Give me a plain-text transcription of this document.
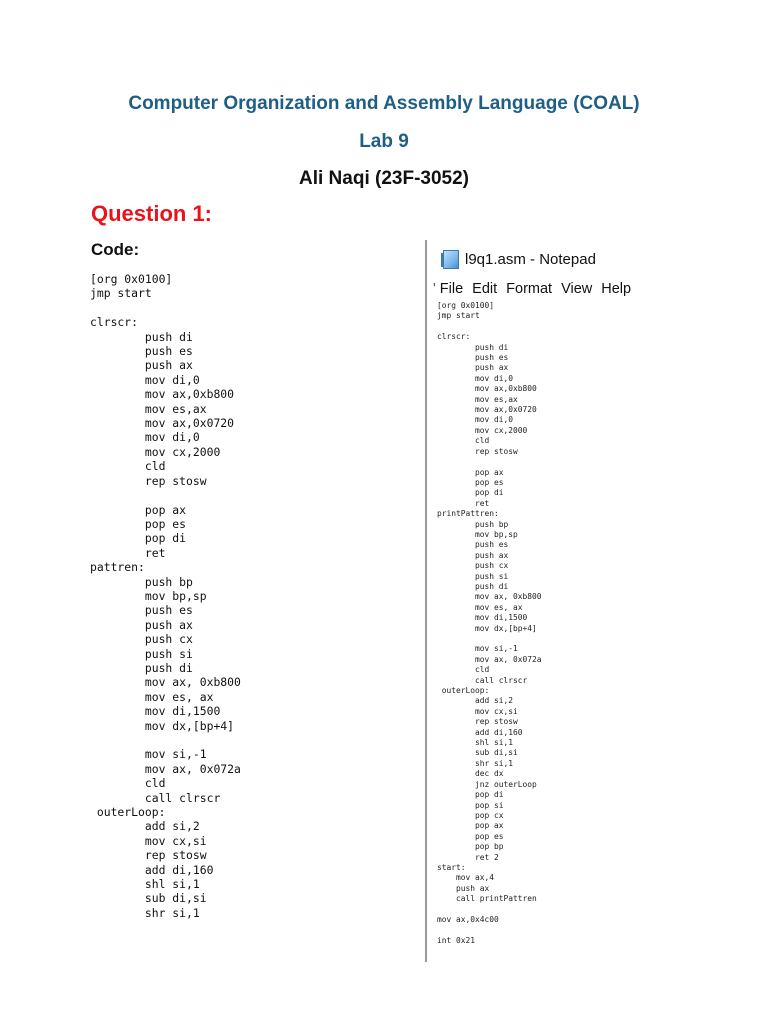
Computer Organization and Assembly Language (COAL)
Lab 9
Ali Naqi (23F-3052)
Question 1:
Code:
[org 0x0100]
jmp start

clrscr:
push di
push es
push ax
mov di,0
mov ax,0xb800
mov es,ax
mov ax,0x0720
mov di,0
mov cx,2000
cld
rep stosw

pop ax
pop es
pop di
ret
pattren:
push bp
mov bp,sp
push es
push ax
push cx
push si
push di
mov ax, 0xb800
mov es, ax
mov di,1500
mov dx,[bp+4]

mov si,-1
mov ax, 0x072a
cld
call clrscr
outerLoop:
add si,2
mov cx,si
rep stosw
add di,160
shl si,1
sub di,si
shr si,1
l9q1.asm - Notepad
' File Edit Format View Help
[org 0x0100]
jmp start

clrscr:
push di
push es
push ax
mov di,0
mov ax,0xb800
mov es,ax
mov ax,0x0720
mov di,0
mov cx,2000
cld
rep stosw

pop ax
pop es
pop di
ret
printPattren:
push bp
mov bp,sp
push es
push ax
push cx
push si
push di
mov ax, 0xb800
mov es, ax
mov di,1500
mov dx,[bp+4]

mov si,-1
mov ax, 0x072a
cld
call clrscr
outerLoop:
add si,2
mov cx,si
rep stosw
add di,160
shl si,1
sub di,si
shr si,1
dec dx
jnz outerLoop
pop di
pop si
pop cx
pop ax
pop es
pop bp
ret 2
start:
mov ax,4
push ax
call printPattren

mov ax,0x4c00

int 0x21
